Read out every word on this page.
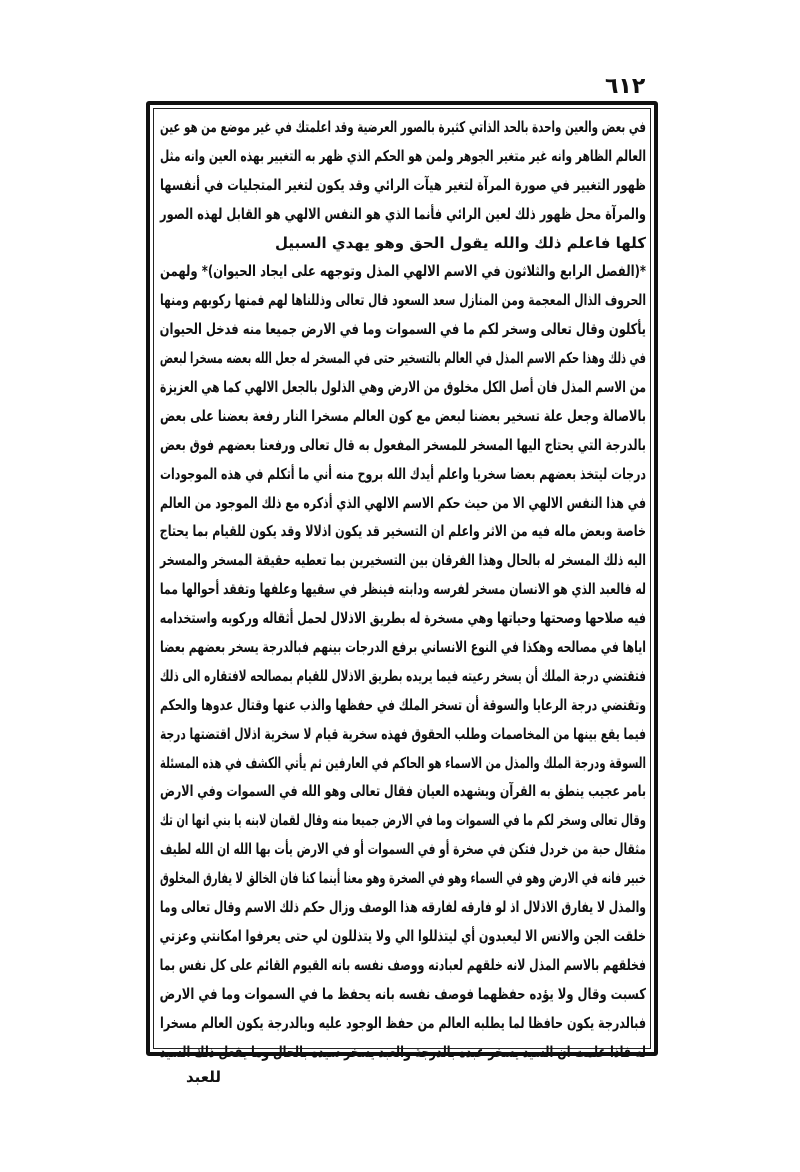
٦١٢
في بعض والعين واحدة بالحد الذاتي كثيرة بالصور العرضية وقد اعلمتك في غير موضع من هو عين
العالم الظاهر وانه غير متغير الجوهر ولمن هو الحكم الذي ظهر به التغيير بهذه العين وانه مثل
ظهور التغيير في صورة المرآة لتغير هيآت الرائي وقد يكون لتغير المتجليات في أنفسها
والمرآة محل ظهور ذلك لعين الرائي فأنما الذي هو النفس الالهي هو القابل لهذه الصور
كلها فاعلم ذلك والله يقول الحق وهو يهدي السبيل
*(الفصل الرابع والثلاثون في الاسم الالهي المذل وتوجهه على ايجاد الحيوان)* ولهمن
الحروف الذال المعجمة ومن المنازل سعد السعود قال تعالى وذللناها لهم فمنها ركوبهم ومنها
يأكلون وقال تعالى وسخر لكم ما في السموات وما في الارض جميعا منه فدخل الحيوان
في ذلك وهذا حكم الاسم المذل في العالم بالتسخير حتى في المسخر له جعل الله بعضه مسخرا لبعض
من الاسم المذل فان أصل الكل مخلوق من الارض وهي الذلول بالجعل الالهي كما هي العزيزة
بالاصالة وجعل علة تسخير بعضنا لبعض مع كون العالم مسخرا النار رفعة بعضنا على بعض
بالدرجة التي يحتاج اليها المسخر للمسخر المفعول به قال تعالى ورفعنا بعضهم فوق بعض
درجات ليتخذ بعضهم بعضا سخريا واعلم أيدك الله بروح منه أني ما أتكلم في هذه الموجودات
في هذا النفس الالهي الا من حيث حكم الاسم الالهي الذي أذكره مع ذلك الموجود من العالم
خاصة وبعض ماله فيه من الاثر واعلم ان التسخير قد يكون اذلالا وقد يكون للقيام بما يحتاج
اليه ذلك المسخر له بالحال وهذا الفرقان بين التسخيرين بما تعطيه حقيقة المسخر والمسخر
له فالعبد الذي هو الانسان مسخر لفرسه ودابته فينظر في سقيها وعلفها وتفقد أحوالها مما
فيه صلاحها وصحتها وحياتها وهي مسخرة له بطريق الاذلال لحمل أثقاله وركوبه واستخدامه
اياها في مصالحه وهكذا في النوع الانساني برفع الدرجات بينهم فبالدرجة يسخر بعضهم بعضا
فتقتضي درجة الملك أن يسخر رعيته فيما يريده بطريق الاذلال للقيام بمصالحه لافتقاره الى ذلك
وتقتضي درجة الرعايا والسوقة أن تسخر الملك في حفظها والذب عنها وقتال عدوها والحكم
فيما يقع بينها من المخاصمات وطلب الحقوق فهذه سخرية قيام لا سخرية اذلال اقتضتها درجة
السوقة ودرجة الملك والمذل من الاسماء هو الحاكم في العارفين ثم يأتي الكشف في هذه المسئلة
بامر عجيب ينطق به القرآن ويشهده العيان فقال تعالى وهو الله في السموات وفي الارض
وقال تعالى وسخر لكم ما في السموات وما في الارض جميعا منه وقال لقمان لابنه يا بني انها ان تك
مثقال حبة من خردل فتكن في صخرة أو في السموات أو في الارض يأت بها الله ان الله لطيف
خبير فانه في الارض وهو في السماء وهو في الصخرة وهو معنا أينما كنا فان الخالق لا يفارق المخلوق
والمذل لا يفارق الاذلال اذ لو فارقه لفارقه هذا الوصف وزال حكم ذلك الاسم وقال تعالى وما
خلقت الجن والانس الا ليعبدون أي ليتذللوا الي ولا يتذللون لي حتى يعرفوا امكانتي وعزتي
فخلقهم بالاسم المذل لانه خلقهم لعبادته ووصف نفسه بانه القيوم القائم على كل نفس بما
كسبت وقال ولا يؤده حفظهما فوصف نفسه بانه يحفظ ما في السموات وما في الارض
فبالدرجة يكون حافظا لما يطلبه العالم من حفظ الوجود عليه وبالدرجة يكون العالم مسخرا
له فاذا علمت ان السيد يسخر عبده بالدرجة والعبد يسخر سيده بالحال وما يفعل ذلك السيد
للعبد
